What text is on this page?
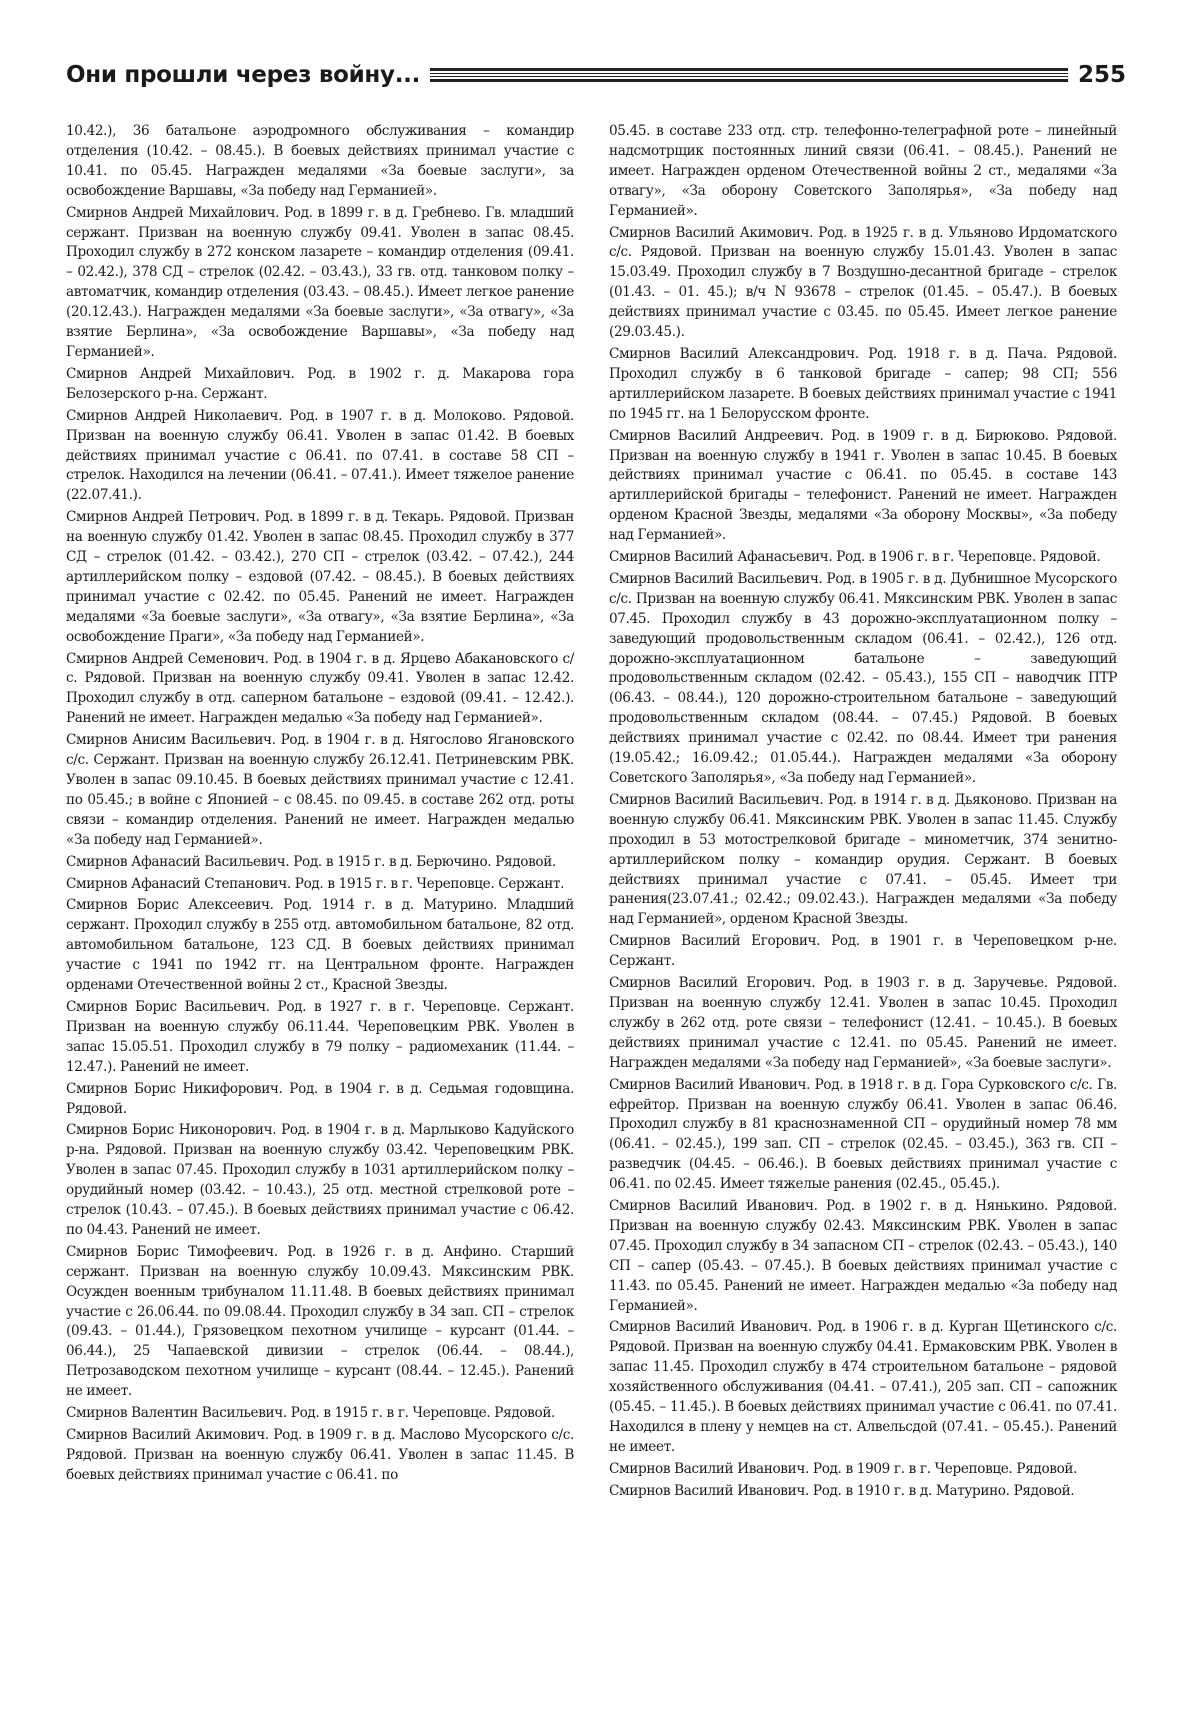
Они прошли через войну...	255

10.42.), 36 батальоне аэродромного обслуживания – командир отделения (10.42. – 08.45.). В боевых действиях принимал участие с 10.41. по 05.45. Награжден медалями «За боевые заслуги», за освобождение Варшавы, «За победу над Германией».

Смирнов Андрей Михайлович. Род. в 1899 г. в д. Гребнево. Гв. младший сержант. Призван на военную службу 09.41. Уволен в запас 08.45. Проходил службу в 272 конском лазарете – командир отделения (09.41. – 02.42.), 378 СД – стрелок (02.42. – 03.43.), 33 гв. отд. танковом полку – автоматчик, командир отделения (03.43. – 08.45.). Имеет легкое ранение (20.12.43.). Награжден медалями «За боевые заслуги», «За отвагу», «За взятие Берлина», «За освобождение Варшавы», «За победу над Германией».

Смирнов Андрей Михайлович. Род. в 1902 г. д. Макарова гора Белозерского р-на. Сержант.

Смирнов Андрей Николаевич. Род. в 1907 г. в д. Молоково. Рядовой. Призван на военную службу 06.41. Уволен в запас 01.42. В боевых действиях принимал участие с 06.41. по 07.41. в составе 58 СП – стрелок. Находился на лечении (06.41. – 07.41.). Имеет тяжелое ранение (22.07.41.).

Смирнов Андрей Петрович. Род. в 1899 г. в д. Текарь. Рядовой. Призван на военную службу 01.42. Уволен в запас 08.45. Проходил службу в 377 СД – стрелок (01.42. – 03.42.), 270 СП – стрелок (03.42. – 07.42.), 244 артиллерийском полку – ездовой (07.42. – 08.45.). В боевых действиях принимал участие с 02.42. по 05.45. Ранений не имеет. Награжден медалями «За боевые заслуги», «За отвагу», «За взятие Берлина», «За освобождение Праги», «За победу над Германией».

Смирнов Андрей Семенович. Род. в 1904 г. в д. Ярцево Абакановского с/с. Рядовой. Призван на военную службу 09.41. Уволен в запас 12.42. Проходил службу в отд. саперном батальоне – ездовой (09.41. – 12.42.). Ранений не имеет. Награжден медалью «За победу над Германией».

Смирнов Анисим Васильевич. Род. в 1904 г. в д. Нягослово Ягановского с/с. Сержант. Призван на военную службу 26.12.41. Петриневским РВК. Уволен в запас 09.10.45. В боевых действиях принимал участие с 12.41. по 05.45.; в войне с Японией – с 08.45. по 09.45. в составе 262 отд. роты связи – командир отделения. Ранений не имеет. Награжден медалью «За победу над Германией».

Смирнов Афанасий Васильевич. Род. в 1915 г. в д. Берючино. Рядовой.

Смирнов Афанасий Степанович. Род. в 1915 г. в г. Череповце. Сержант.

Смирнов Борис Алексеевич. Род. 1914 г. в д. Матурино. Младший сержант. Проходил службу в 255 отд. автомобильном батальоне, 82 отд. автомобильном батальоне, 123 СД. В боевых действиях принимал участие с 1941 по 1942 гг. на Центральном фронте. Награжден орденами Отечественной войны 2 ст., Красной Звезды.

Смирнов Борис Васильевич. Род. в 1927 г. в г. Череповце. Сержант. Призван на военную службу 06.11.44. Череповецким РВК. Уволен в запас 15.05.51. Проходил службу в 79 полку – радиомеханик (11.44. – 12.47.). Ранений не имеет.

Смирнов Борис Никифорович. Род. в 1904 г. в д. Седьмая годовщина. Рядовой.

Смирнов Борис Никонорович. Род. в 1904 г. в д. Марлыково Кадуйского р-на. Рядовой. Призван на военную службу 03.42. Череповецким РВК. Уволен в запас 07.45. Проходил службу в 1031 артиллерийском полку – орудийный номер (03.42. – 10.43.), 25 отд. местной стрелковой роте – стрелок (10.43. – 07.45.). В боевых действиях принимал участие с 06.42. по 04.43. Ранений не имеет.

Смирнов Борис Тимофеевич. Род. в 1926 г. в д. Анфино. Старший сержант. Призван на военную службу 10.09.43. Мяксинским РВК. Осужден военным трибуналом 11.11.48. В боевых действиях принимал участие с 26.06.44. по 09.08.44. Проходил службу в 34 зап. СП – стрелок (09.43. – 01.44.), Грязовецком пехотном училище – курсант (01.44. – 06.44.), 25 Чапаевской дивизии – стрелок (06.44. – 08.44.), Петрозаводском пехотном училище – курсант (08.44. – 12.45.). Ранений не имеет.

Смирнов Валентин Васильевич. Род. в 1915 г. в г. Череповце. Рядовой.

Смирнов Василий Акимович. Род. в 1909 г. в д. Маслово Мусорского с/с. Рядовой. Призван на военную службу 06.41. Уволен в запас 11.45. В боевых действиях принимал участие с 06.41. по

05.45. в составе 233 отд. стр. телефонно-телеграфной роте – линейный надсмотрщик постоянных линий связи (06.41. – 08.45.). Ранений не имеет. Награжден орденом Отечественной войны 2 ст., медалями «За отвагу», «За оборону Советского Заполярья», «За победу над Германией».

Смирнов Василий Акимович. Род. в 1925 г. в д. Ульяново Ирдоматского с/с. Рядовой. Призван на военную службу 15.01.43. Уволен в запас 15.03.49. Проходил службу в 7 Воздушно-десантной бригаде – стрелок (01.43. – 01. 45.); в/ч N 93678 – стрелок (01.45. – 05.47.). В боевых действиях принимал участие с 03.45. по 05.45. Имеет легкое ранение (29.03.45.).

Смирнов Василий Александрович. Род. 1918 г. в д. Пача. Рядовой. Проходил службу в 6 танковой бригаде – сапер; 98 СП; 556 артиллерийском лазарете. В боевых действиях принимал участие с 1941 по 1945 гг. на 1 Белорусском фронте.

Смирнов Василий Андреевич. Род. в 1909 г. в д. Бирюково. Рядовой. Призван на военную службу в 1941 г. Уволен в запас 10.45. В боевых действиях принимал участие с 06.41. по 05.45. в составе 143 артиллерийской бригады – телефонист. Ранений не имеет. Награжден орденом Красной Звезды, медалями «За оборону Москвы», «За победу над Германией».

Смирнов Василий Афанасьевич. Род. в 1906 г. в г. Череповце. Рядовой.

Смирнов Василий Васильевич. Род. в 1905 г. в д. Дубнишное Мусорского с/с. Призван на военную службу 06.41. Мяксинским РВК. Уволен в запас 07.45. Проходил службу в 43 дорожно-эксплуатационном полку – заведующий продовольственным складом (06.41. – 02.42.), 126 отд. дорожно-эксплуатационном батальоне – заведующий продовольственным складом (02.42. – 05.43.), 155 СП – наводчик ПТР (06.43. – 08.44.), 120 дорожно-строительном батальоне – заведующий продовольственным складом (08.44. – 07.45.) Рядовой. В боевых действиях принимал участие с 02.42. по 08.44. Имеет три ранения (19.05.42.; 16.09.42.; 01.05.44.). Награжден медалями «За оборону Советского Заполярья», «За победу над Германией».

Смирнов Василий Васильевич. Род. в 1914 г. в д. Дьяконово. Призван на военную службу 06.41. Мяксинским РВК. Уволен в запас 11.45. Службу проходил в 53 мотострелковой бригаде – минометчик, 374 зенитно-артиллерийском полку – командир орудия. Сержант. В боевых действиях принимал участие с 07.41. – 05.45. Имеет три ранения(23.07.41.; 02.42.; 09.02.43.). Награжден медалями «За победу над Германией», орденом Красной Звезды.

Смирнов Василий Егорович. Род. в 1901 г. в Череповецком р-не. Сержант.

Смирнов Василий Егорович. Род. в 1903 г. в д. Заручевье. Рядовой. Призван на военную службу 12.41. Уволен в запас 10.45. Проходил службу в 262 отд. роте связи – телефонист (12.41. – 10.45.). В боевых действиях принимал участие с 12.41. по 05.45. Ранений не имеет. Награжден медалями «За победу над Германией», «За боевые заслуги».

Смирнов Василий Иванович. Род. в 1918 г. в д. Гора Сурковского с/с. Гв. ефрейтор. Призван на военную службу 06.41. Уволен в запас 06.46. Проходил службу в 81 краснознаменной СП – орудийный номер 78 мм (06.41. – 02.45.), 199 зап. СП – стрелок (02.45. – 03.45.), 363 гв. СП – разведчик (04.45. – 06.46.). В боевых действиях принимал участие с 06.41. по 02.45. Имеет тяжелые ранения (02.45., 05.45.).

Смирнов Василий Иванович. Род. в 1902 г. в д. Нянькино. Рядовой. Призван на военную службу 02.43. Мяксинским РВК. Уволен в запас 07.45. Проходил службу в 34 запасном СП – стрелок (02.43. – 05.43.), 140 СП – сапер (05.43. – 07.45.). В боевых действиях принимал участие с 11.43. по 05.45. Ранений не имеет. Награжден медалью «За победу над Германией».

Смирнов Василий Иванович. Род. в 1906 г. в д. Курган Щетинского с/с. Рядовой. Призван на военную службу 04.41. Ермаковским РВК. Уволен в запас 11.45. Проходил службу в 474 строительном батальоне – рядовой хозяйственного обслуживания (04.41. – 07.41.), 205 зап. СП – сапожник (05.45. – 11.45.). В боевых действиях принимал участие с 06.41. по 07.41. Находился в плену у немцев на ст. Алвельсдой (07.41. – 05.45.). Ранений не имеет.

Смирнов Василий Иванович. Род. в 1909 г. в г. Череповце. Рядовой.

Смирнов Василий Иванович. Род. в 1910 г. в д. Матурино. Рядовой.
